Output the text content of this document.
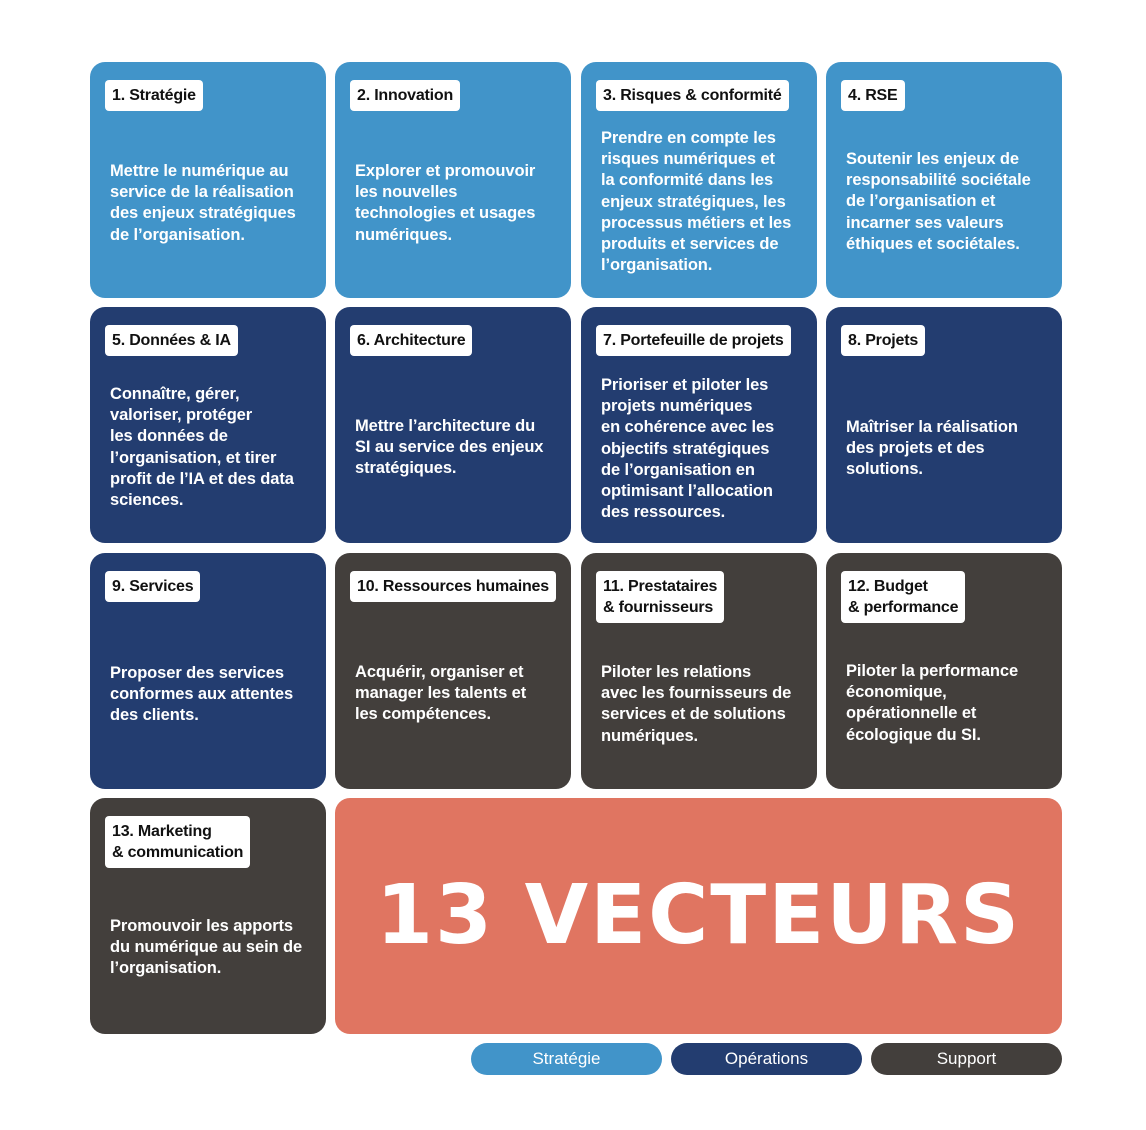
1. Stratégie
Mettre le numérique au
service de la réalisation
des enjeux stratégiques
de l’organisation.
2. Innovation
Explorer et promouvoir
les nouvelles
technologies et usages
numériques.
3. Risques & conformité
Prendre en compte les
risques numériques et
la conformité dans les
enjeux stratégiques, les
processus métiers et les
produits et services de
l’organisation.
4. RSE
Soutenir les enjeux de
responsabilité sociétale
de l’organisation et
incarner ses valeurs
éthiques et sociétales.
5. Données & IA
Connaître, gérer,
valoriser, protéger
les données de
l’organisation, et tirer
profit de l’IA et des data
sciences.
6. Architecture
Mettre l’architecture du
SI au service des enjeux
stratégiques.
7. Portefeuille de projets
Prioriser et piloter les
projets numériques
en cohérence avec les
objectifs stratégiques
de l’organisation en
optimisant l’allocation
des ressources.
8. Projets
Maîtriser la réalisation
des projets et des
solutions.
9. Services
Proposer des services
conformes aux attentes
des clients.
10. Ressources humaines
Acquérir, organiser et
manager les talents et
les compétences.
11. Prestataires
& fournisseurs
Piloter les relations
avec les fournisseurs de
services et de solutions
numériques.
12. Budget
& performance
Piloter la performance
économique,
opérationnelle et
écologique du SI.
13. Marketing
& communication
Promouvoir les apports
du numérique au sein de
l’organisation.
13 VECTEURS
Stratégie	Opérations	Support
